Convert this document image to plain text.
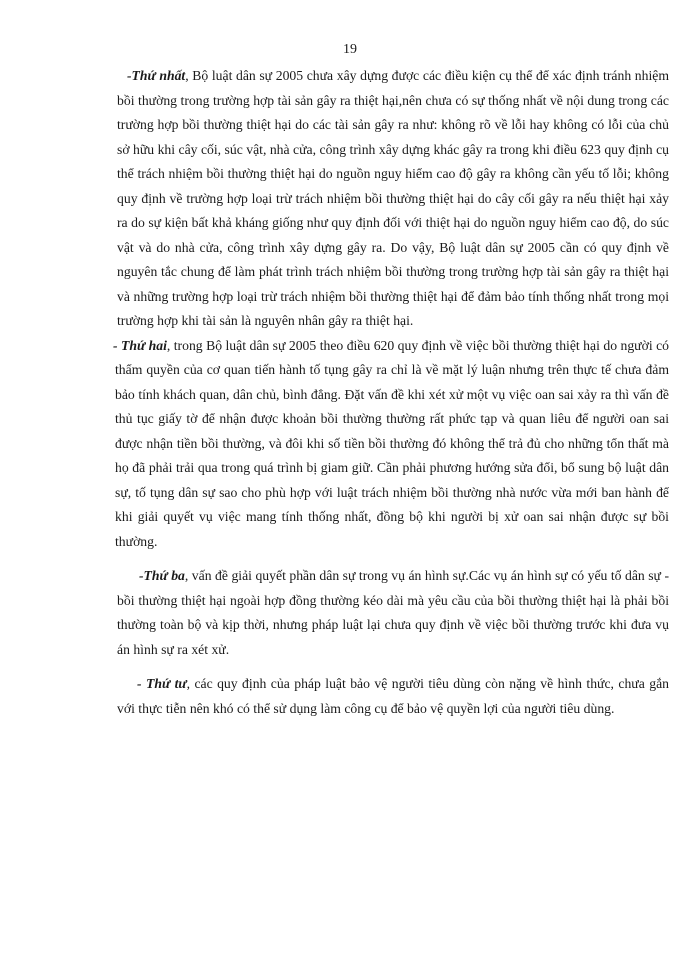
19

-Thứ nhất, Bộ luật dân sự 2005 chưa xây dựng được các điều kiện cụ thể để xác định tránh nhiệm bồi thường trong trường hợp tài sản gây ra thiệt hại,nên chưa có sự thống nhất về nội dung trong các trường hợp bồi thường thiệt hại do các tài sản gây ra như: không rõ về lỗi hay không có lỗi của chủ sở hữu khi cây cối, súc vật, nhà cửa, công trình xây dựng khác gây ra trong khi điều 623 quy định cụ thể trách nhiệm bồi thường thiệt hại do nguồn nguy hiểm cao độ gây ra không cần yếu tố lỗi; không quy định về trường hợp loại trừ trách nhiệm bồi thường thiệt hại do cây cối gây ra nếu thiệt hại xảy ra do sự kiện bất khả kháng giống như quy định đối với thiệt hại do nguồn nguy hiểm cao độ, do súc vật và do nhà cửa, công trình xây dựng gây ra. Do vậy, Bộ luật dân sự 2005 cần có quy định về nguyên tắc chung để làm phát trình trách nhiệm bồi thường trong trường hợp tài sản gây ra thiệt hại và những trường hợp loại trừ trách nhiệm bồi thường thiệt hại để đảm bảo tính thống nhất trong mọi trường hợp khi tài sản là nguyên nhân gây ra thiệt hại.

- Thứ hai, trong Bộ luật dân sự 2005 theo điều 620 quy định về việc bồi thường thiệt hại do người có thẩm quyền của cơ quan tiến hành tố tụng gây ra chỉ là về mặt lý luận nhưng trên thực tế chưa đảm bảo tính khách quan, dân chủ, bình đẳng. Đặt vấn đề khi xét xử một vụ việc oan sai xảy ra thì vấn đề thủ tục giấy tờ để nhận được khoản bồi thường thường rất phức tạp và quan liêu để người oan sai được nhận tiền bồi thường, và đôi khi số tiền bồi thường đó không thể trả đủ cho những tổn thất mà họ đã phải trải qua trong quá trình bị giam giữ. Cần phải phương hướng sửa đổi, bổ sung bộ luật dân sự, tố tụng dân sự sao cho phù hợp với luật trách nhiệm bồi thường nhà nước vừa mới ban hành để khi giải quyết vụ việc mang tính thống nhất, đồng bộ khi người bị xử oan sai nhận được sự bồi thường.

-Thứ ba, vấn đề giải quyết phần dân sự trong vụ án hình sự.Các vụ án hình sự có yếu tố dân sự - bồi thường thiệt hại ngoài hợp đồng thường kéo dài mà yêu cầu của bồi thường thiệt hại là phải bồi thường toàn bộ và kịp thời, nhưng pháp luật lại chưa quy định về việc bồi thường trước khi đưa vụ án hình sự ra xét xử.

- Thứ tư, các quy định của pháp luật bảo vệ người tiêu dùng còn nặng về hình thức, chưa gắn với thực tiễn nên khó có thể sử dụng làm công cụ để bảo vệ quyền lợi của người tiêu dùng.
